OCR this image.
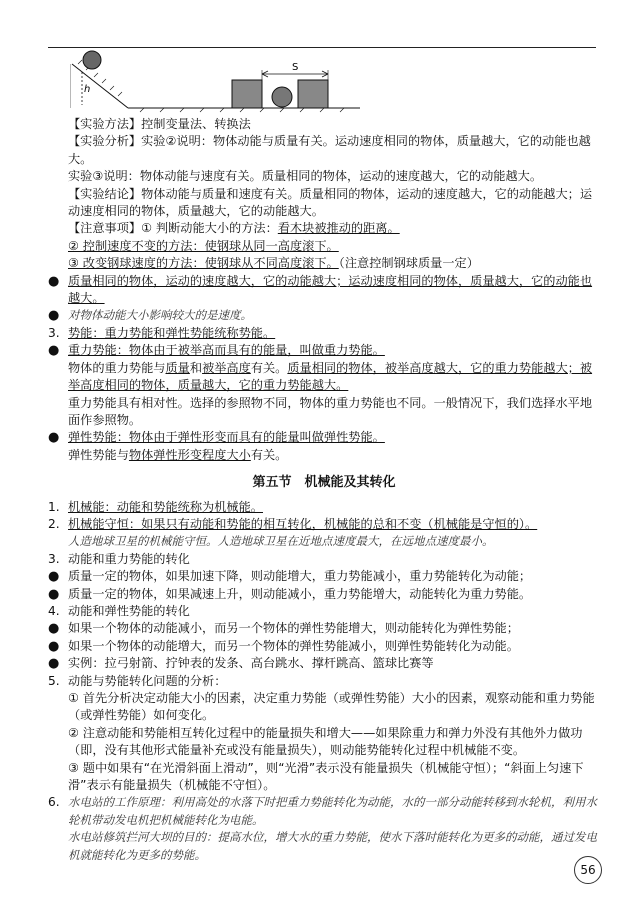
h
S
【实验方法】控制变量法、转换法
【实验分析】实验②说明：物体动能与质量有关。运动速度相同的物体，质量越大，它的动能也越大。
实验③说明：物体动能与速度有关。质量相同的物体，运动的速度越大，它的动能越大。
【实验结论】物体动能与质量和速度有关。质量相同的物体，运动的速度越大，它的动能越大；运动速度相同的物体，质量越大，它的动能越大。
【注意事项】① 判断动能大小的方法：看木块被推动的距离。
② 控制速度不变的方法：使钢球从同一高度滚下。
③ 改变钢球速度的方法：使钢球从不同高度滚下。（注意控制钢球质量一定）
● 质量相同的物体，运动的速度越大，它的动能越大；运动速度相同的物体，质量越大，它的动能也越大。
● 对物体动能大小影响较大的是速度。
3. 势能：重力势能和弹性势能统称势能。
● 重力势能：物体由于被举高而具有的能量，叫做重力势能。
物体的重力势能与质量和被举高度有关。质量相同的物体，被举高度越大，它的重力势能越大；被举高度相同的物体，质量越大，它的重力势能越大。
重力势能具有相对性。选择的参照物不同，物体的重力势能也不同。一般情况下，我们选择水平地面作参照物。
● 弹性势能：物体由于弹性形变而具有的能量叫做弹性势能。
弹性势能与物体弹性形变程度大小有关。
第五节　机械能及其转化
1. 机械能：动能和势能统称为机械能。
2. 机械能守恒：如果只有动能和势能的相互转化，机械能的总和不变（机械能是守恒的）。
人造地球卫星的机械能守恒。人造地球卫星在近地点速度最大，在远地点速度最小。
3. 动能和重力势能的转化
● 质量一定的物体，如果加速下降，则动能增大，重力势能减小，重力势能转化为动能；
● 质量一定的物体，如果减速上升，则动能减小，重力势能增大，动能转化为重力势能。
4. 动能和弹性势能的转化
● 如果一个物体的动能减小，而另一个物体的弹性势能增大，则动能转化为弹性势能；
● 如果一个物体的动能增大，而另一个物体的弹性势能减小，则弹性势能转化为动能。
● 实例：拉弓射箭、拧钟表的发条、高台跳水、撑杆跳高、篮球比赛等
5. 动能与势能转化问题的分析：
① 首先分析决定动能大小的因素，决定重力势能（或弹性势能）大小的因素，观察动能和重力势能（或弹性势能）如何变化。
② 注意动能和势能相互转化过程中的能量损失和增大——如果除重力和弹力外没有其他外力做功（即，没有其他形式能量补充或没有能量损失），则动能势能转化过程中机械能不变。
③ 题中如果有“在光滑斜面上滑动”，则“光滑”表示没有能量损失（机械能守恒）；“斜面上匀速下滑”表示有能量损失（机械能不守恒）。
6. 水电站的工作原理：利用高处的水落下时把重力势能转化为动能，水的一部分动能转移到水轮机，利用水轮机带动发电机把机械能转化为电能。
水电站修筑拦河大坝的目的：提高水位，增大水的重力势能，使水下落时能转化为更多的动能，通过发电机就能转化为更多的势能。
56
